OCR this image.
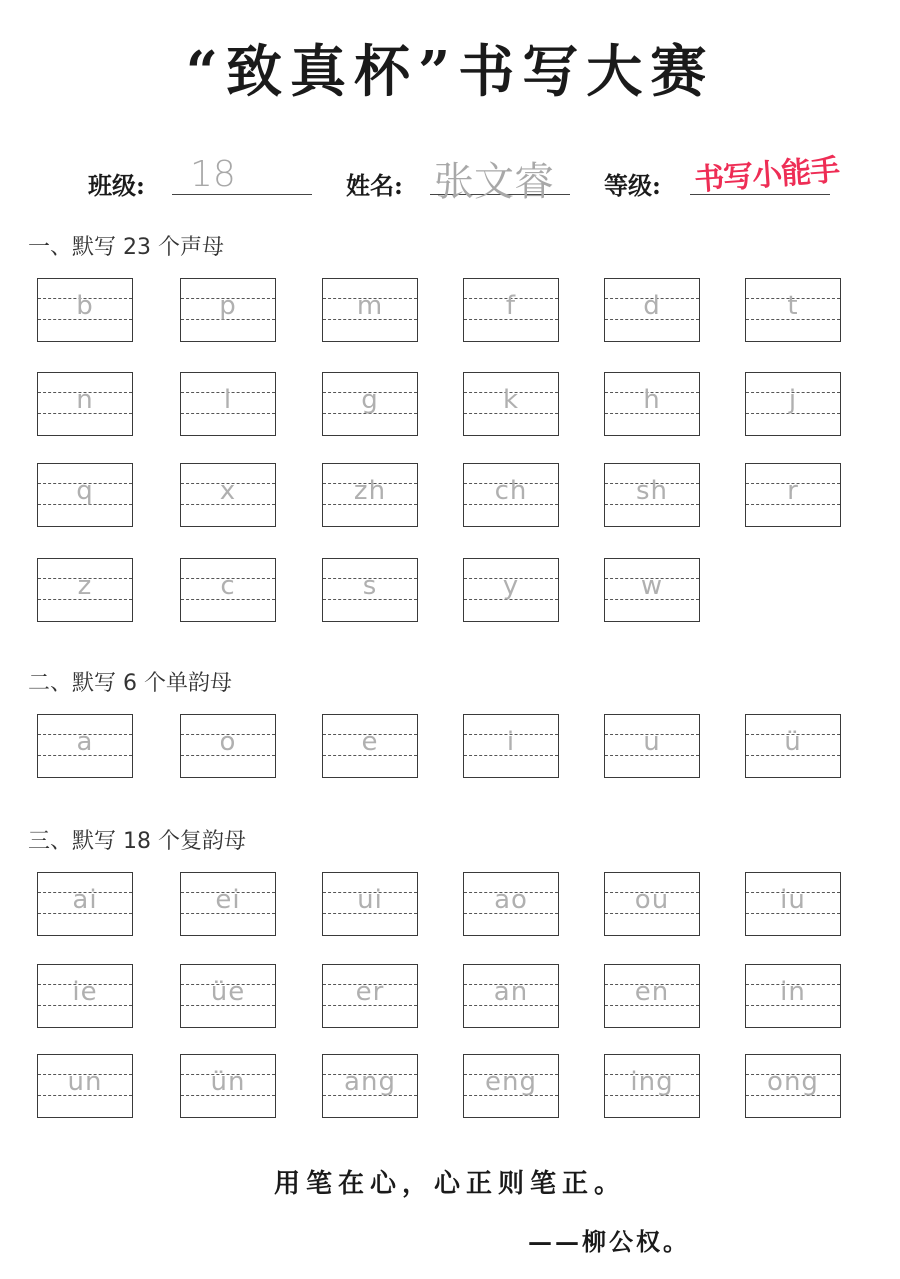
“致真杯”书写大赛
班级: 18	姓名: 张文睿 等级: 书写小能手
一、默写 23 个声母
b	p	m	f	d	t
n	l	g	k	h	j
q	x	zh	ch	sh	r
z	c	s	y	w
二、默写 6 个单韵母
a	o	e	i	u	ü
三、默写 18 个复韵母
ai	ei	ui	ao	ou	iu
ie	üe	er	an	en	in
un	ün	ang	eng	ing	ong
用笔在心，心正则笔正。
——柳公权。
